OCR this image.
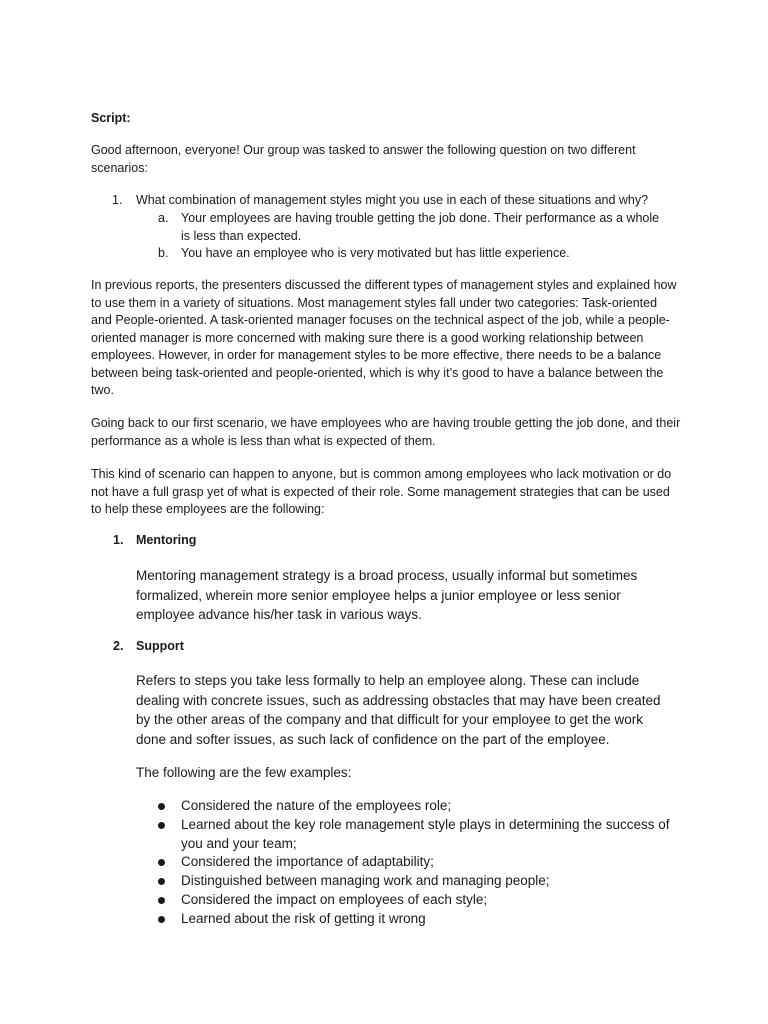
Script:

Good afternoon, everyone! Our group was tasked to answer the following question on two different scenarios:

1. What combination of management styles might you use in each of these situations and why?
a. Your employees are having trouble getting the job done. Their performance as a whole is less than expected.
b. You have an employee who is very motivated but has little experience.

In previous reports, the presenters discussed the different types of management styles and explained how to use them in a variety of situations. Most management styles fall under two categories: Task-oriented and People-oriented. A task-oriented manager focuses on the technical aspect of the job, while a people-oriented manager is more concerned with making sure there is a good working relationship between employees. However, in order for management styles to be more effective, there needs to be a balance between being task-oriented and people-oriented, which is why it’s good to have a balance between the two.

Going back to our first scenario, we have employees who are having trouble getting the job done, and their performance as a whole is less than what is expected of them.

This kind of scenario can happen to anyone, but is common among employees who lack motivation or do not have a full grasp yet of what is expected of their role. Some management strategies that can be used to help these employees are the following:

1. Mentoring

Mentoring management strategy is a broad process, usually informal but sometimes formalized, wherein more senior employee helps a junior employee or less senior employee advance his/her task in various ways.

2. Support

Refers to steps you take less formally to help an employee along. These can include dealing with concrete issues, such as addressing obstacles that may have been created by the other areas of the company and that difficult for your employee to get the work done and softer issues, as such lack of confidence on the part of the employee.

The following are the few examples:

Considered the nature of the employees role;
Learned about the key role management style plays in determining the success of you and your team;
Considered the importance of adaptability;
Distinguished between managing work and managing people;
Considered the impact on employees of each style;
Learned about the risk of getting it wrong
